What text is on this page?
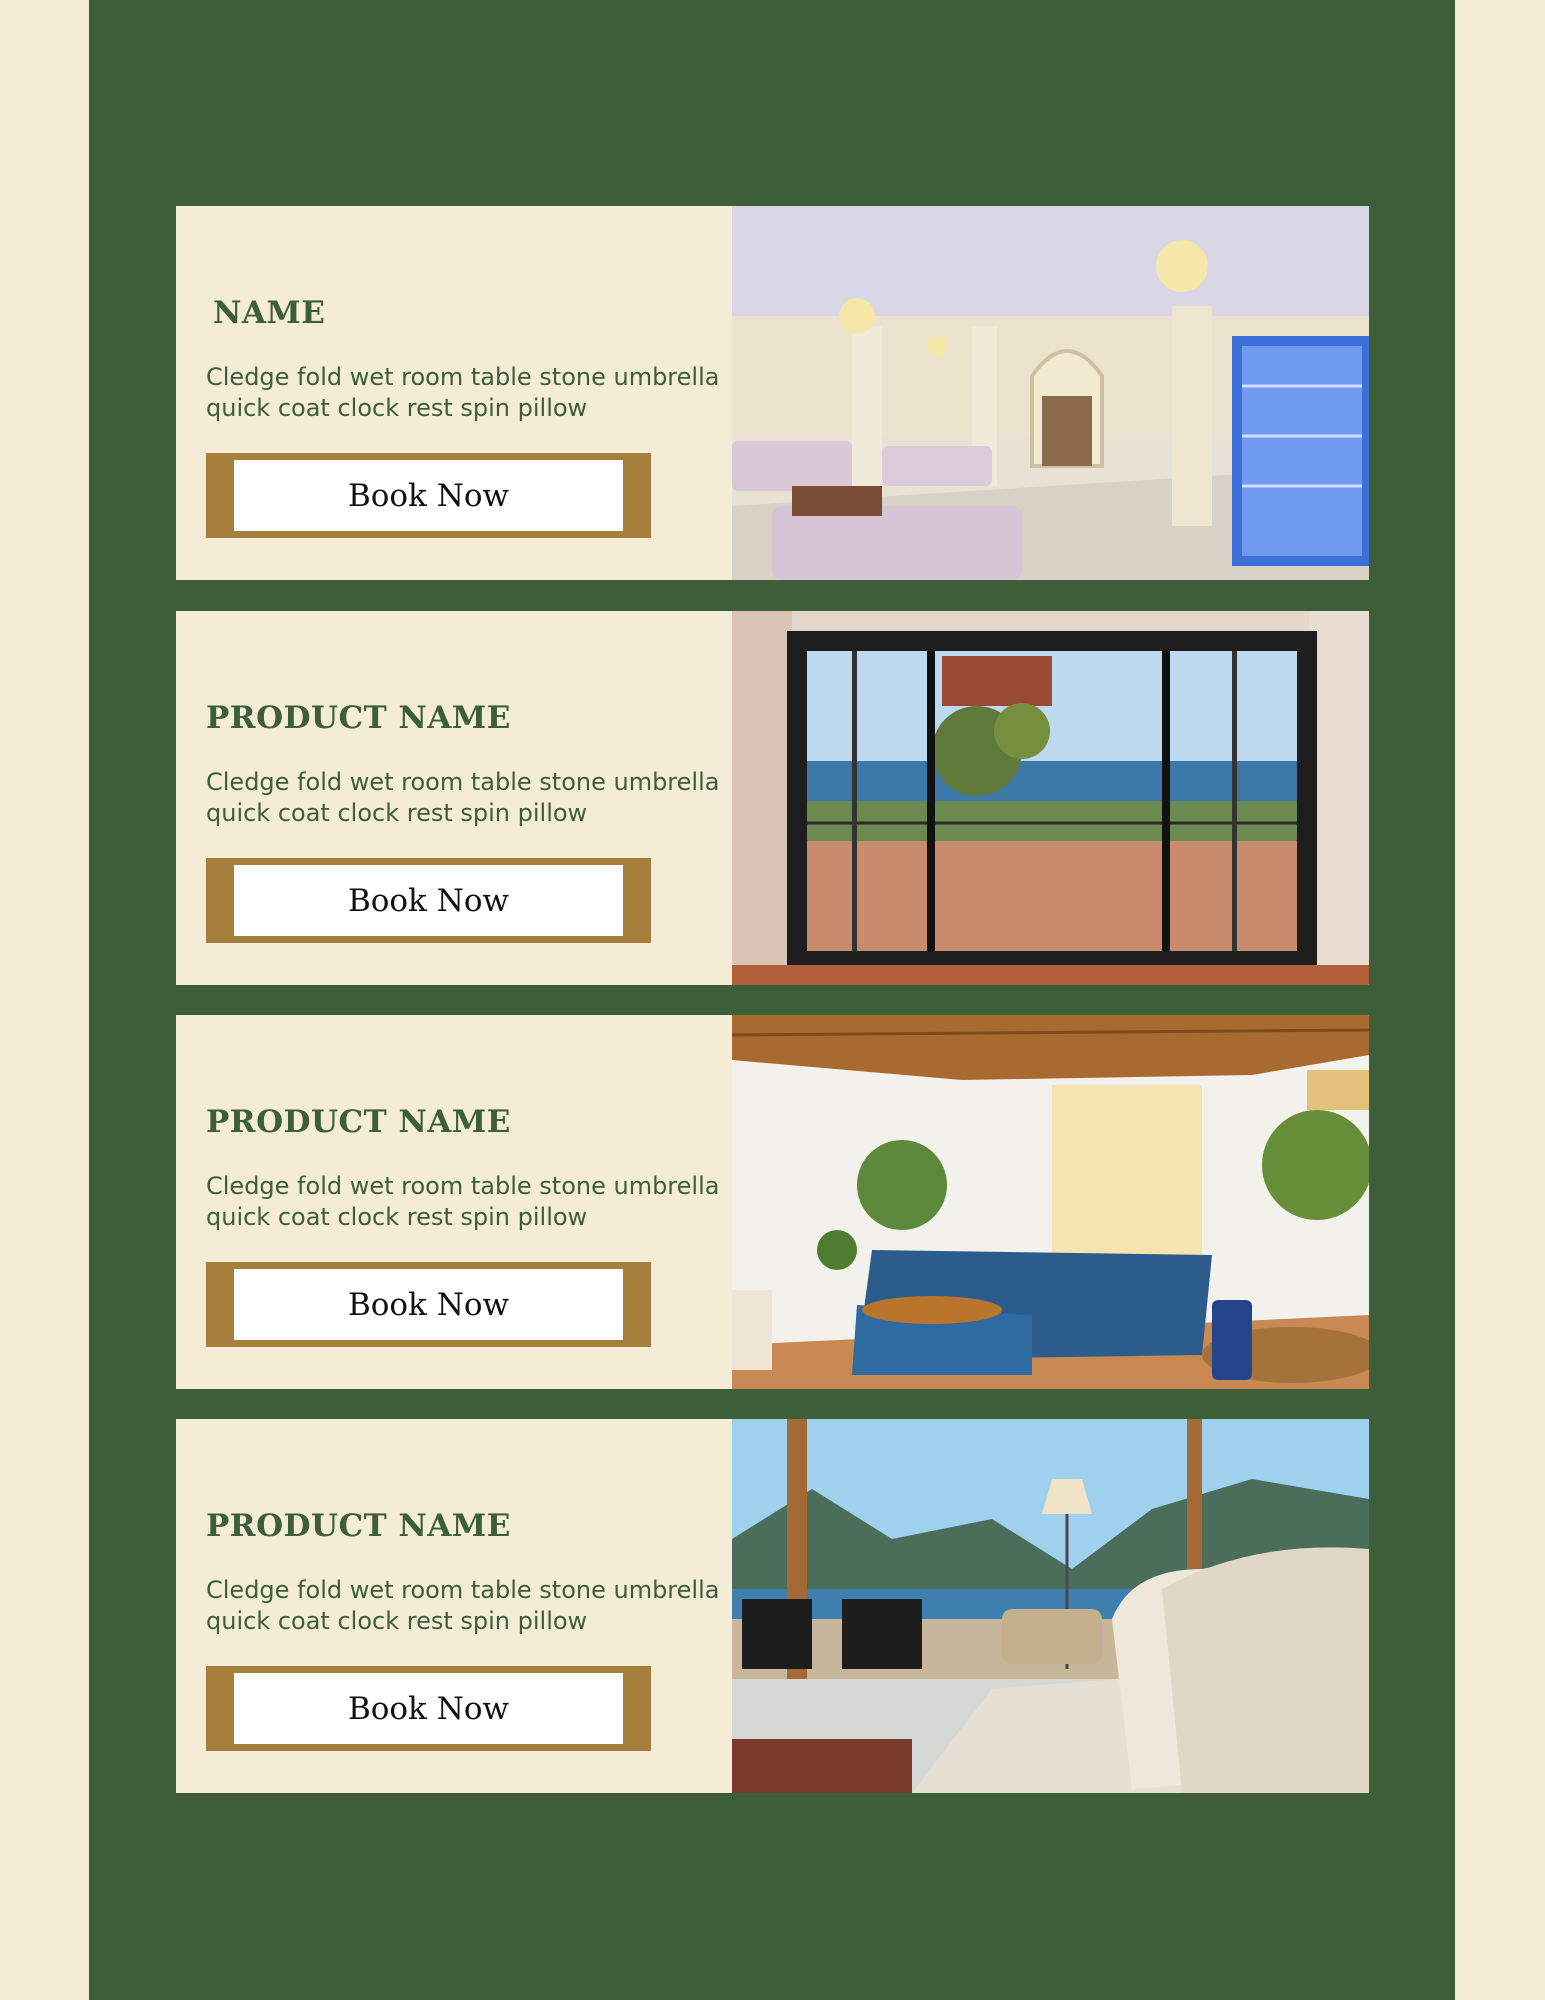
NAME

Cledge fold wet room table stone umbrella quick coat clock rest spin pillow

Book Now
PRODUCT NAME

Cledge fold wet room table stone umbrella quick coat clock rest spin pillow

Book Now
PRODUCT NAME

Cledge fold wet room table stone umbrella quick coat clock rest spin pillow

Book Now
PRODUCT NAME

Cledge fold wet room table stone umbrella quick coat clock rest spin pillow

Book Now
